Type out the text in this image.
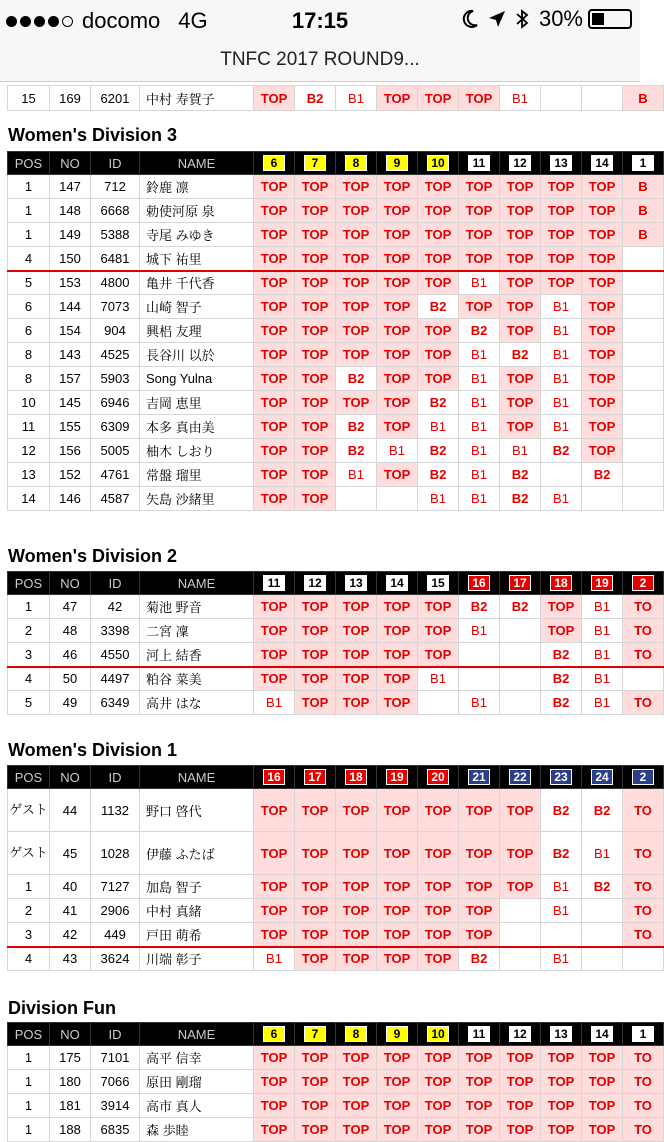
docomo 4G	17:15	30%
TNFC 2017 ROUND9...
15	169	6201	中村 寿賀子	TOP	B2	B1	TOP	TOP	TOP	B1			B
Women's Division 3
POS	NO	ID	NAME	6	7	8	9	10	11	12	13	14	1
1	147	712	鈴鹿 凛	TOP	TOP	TOP	TOP	TOP	TOP	TOP	TOP	TOP	B
1	148	6668	勅使河原 泉	TOP	TOP	TOP	TOP	TOP	TOP	TOP	TOP	TOP	B
1	149	5388	寺尾 みゆき	TOP	TOP	TOP	TOP	TOP	TOP	TOP	TOP	TOP	B
4	150	6481	城下 祐里	TOP	TOP	TOP	TOP	TOP	TOP	TOP	TOP	TOP	
5	153	4800	亀井 千代香	TOP	TOP	TOP	TOP	TOP	B1	TOP	TOP	TOP	
6	144	7073	山崎 智子	TOP	TOP	TOP	TOP	B2	TOP	TOP	B1	TOP	
6	154	904	興梠 友理	TOP	TOP	TOP	TOP	TOP	B2	TOP	B1	TOP	
8	143	4525	長谷川 以於	TOP	TOP	TOP	TOP	TOP	B1	B2	B1	TOP	
8	157	5903	Song Yulna	TOP	TOP	B2	TOP	TOP	B1	TOP	B1	TOP	
10	145	6946	吉岡 恵里	TOP	TOP	TOP	TOP	B2	B1	TOP	B1	TOP	
11	155	6309	本多 真由美	TOP	TOP	B2	TOP	B1	B1	TOP	B1	TOP	
12	156	5005	柚木 しおり	TOP	TOP	B2	B1	B2	B1	B1	B2	TOP	
13	152	4761	常盤 瑠里	TOP	TOP	B1	TOP	B2	B1	B2		B2	
14	146	4587	矢島 沙緒里	TOP	TOP			B1	B1	B2	B1		
Women's Division 2
POS	NO	ID	NAME	11	12	13	14	15	16	17	18	19	2
1	47	42	菊池 野音	TOP	TOP	TOP	TOP	TOP	B2	B2	TOP	B1	TO
2	48	3398	二宮 凜	TOP	TOP	TOP	TOP	TOP	B1		TOP	B1	TO
3	46	4550	河上 結香	TOP	TOP	TOP	TOP	TOP			B2	B1	TO
4	50	4497	粕谷 菜美	TOP	TOP	TOP	TOP	B1			B2	B1	
5	49	6349	高井 はな	B1	TOP	TOP	TOP		B1		B2	B1	TO
Women's Division 1
POS	NO	ID	NAME	16	17	18	19	20	21	22	23	24	2
ゲスト	44	1132	野口 啓代	TOP	TOP	TOP	TOP	TOP	TOP	TOP	B2	B2	TO
ゲスト	45	1028	伊藤 ふたば	TOP	TOP	TOP	TOP	TOP	TOP	TOP	B2	B1	TO
1	40	7127	加島 智子	TOP	TOP	TOP	TOP	TOP	TOP	TOP	B1	B2	TO
2	41	2906	中村 真緒	TOP	TOP	TOP	TOP	TOP	TOP		B1		TO
3	42	449	戸田 萌希	TOP	TOP	TOP	TOP	TOP	TOP				TO
4	43	3624	川端 彰子	B1	TOP	TOP	TOP	TOP	B2		B1		
Division Fun
POS	NO	ID	NAME	6	7	8	9	10	11	12	13	14	1
1	175	7101	高平 信幸	TOP	TOP	TOP	TOP	TOP	TOP	TOP	TOP	TOP	TO
1	180	7066	原田 剛瑠	TOP	TOP	TOP	TOP	TOP	TOP	TOP	TOP	TOP	TO
1	181	3914	高市 真人	TOP	TOP	TOP	TOP	TOP	TOP	TOP	TOP	TOP	TO
1	188	6835	森 歩睦	TOP	TOP	TOP	TOP	TOP	TOP	TOP	TOP	TOP	TO
